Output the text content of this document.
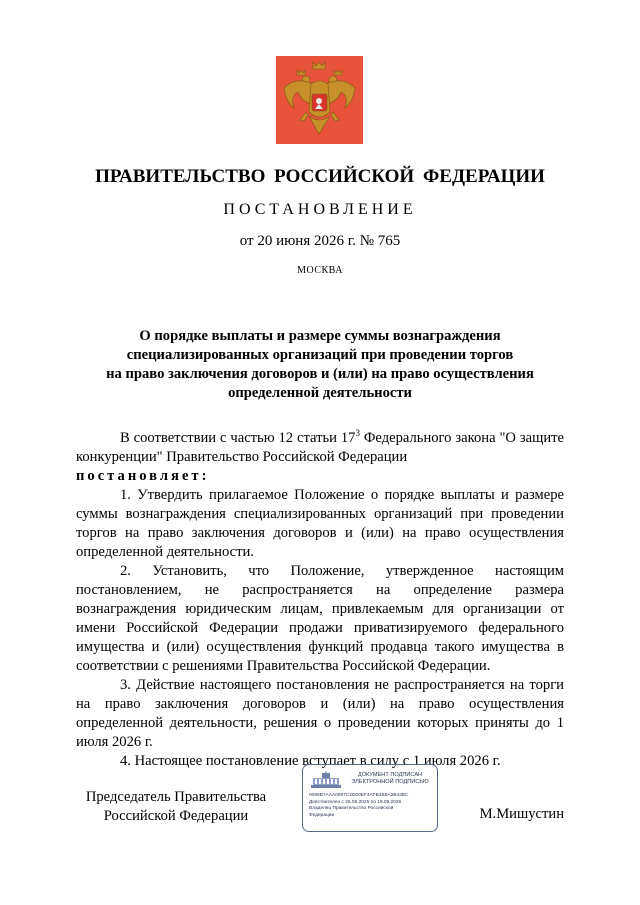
ПРАВИТЕЛЬСТВО РОССИЙСКОЙ ФЕДЕРАЦИИ
ПОСТАНОВЛЕНИЕ
от 20 июня 2026 г. № 765
МОСКВА
О порядке выплаты и размере суммы вознаграждения
специализированных организаций при проведении торгов
на право заключения договоров и (или) на право осуществления
определенной деятельности

В соответствии с частью 12 статьи $17^3$ Федерального закона "О защите конкуренции" Правительство Российской Федерации

постановляет:

1. Утвердить прилагаемое Положение о порядке выплаты и размере суммы вознаграждения специализированных организаций при проведении торгов на право заключения договоров и (или) на право осуществления определенной деятельности.

2. Установить, что Положение, утвержденное настоящим постановлением, не распространяется на определение размера вознаграждения юридическим лицам, привлекаемым для организации от имени Российской Федерации продажи приватизируемого федерального имущества и (или) осуществления функций продавца такого имущества в соответствии с решениями Правительства Российской Федерации.

3. Действие настоящего постановления не распространяется на торги на право заключения договоров и (или) на право осуществления определенной деятельности, решения о проведении которых приняты до 1 июля 2026 г.

4. Настоящее постановление вступает в силу с 1 июля 2026 г.

Председатель Правительства
Российской Федерации
ДОКУМЕНТ ПОДПИСАН
ЭЛЕКТРОННОЙ ПОДПИСЬЮ
0086B7AAA0097C2D00EF4AFB4B9A2B43BC
Действителен с 26.06.2025 по 19.09.2026
Владелец Правительство Российской
Федерации	М.Мишустин
